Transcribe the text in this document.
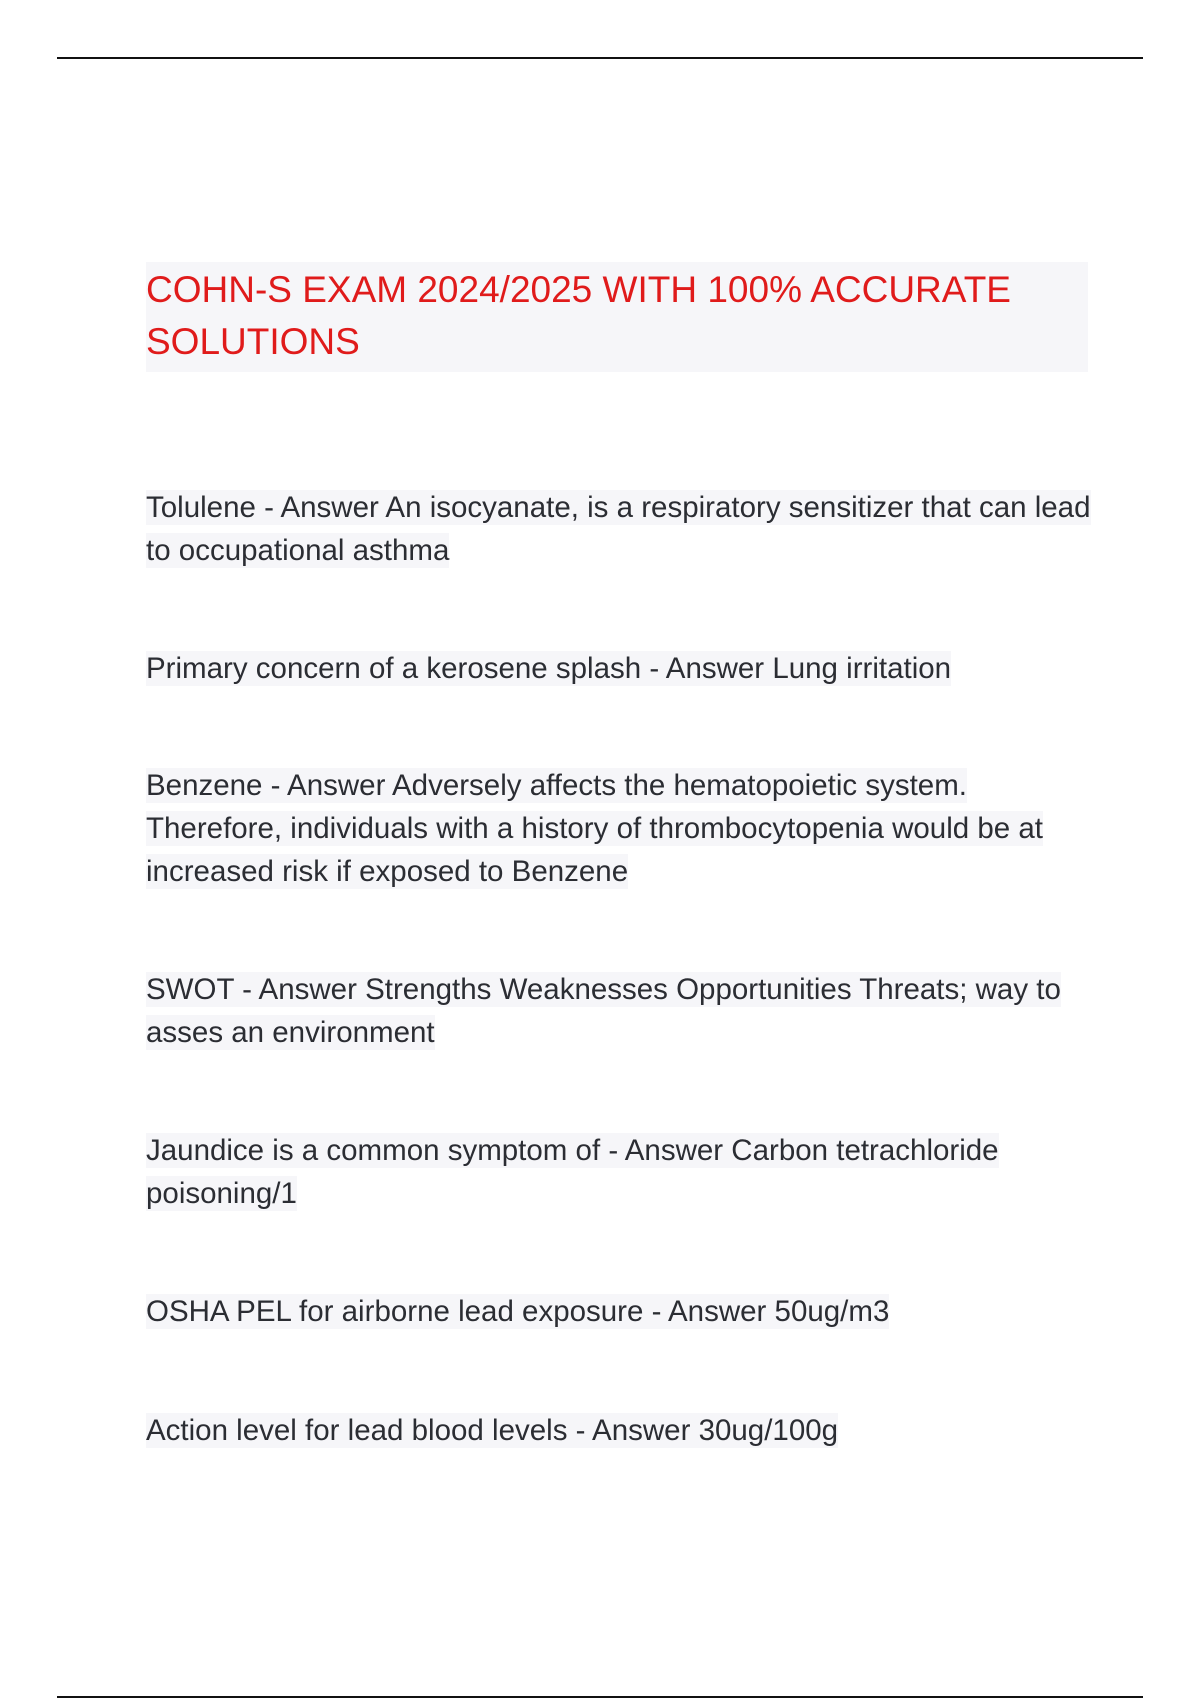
COHN-S EXAM 2024/2025 WITH 100% ACCURATE SOLUTIONS

Tolulene - Answer An isocyanate, is a respiratory sensitizer that can lead to occupational asthma

Primary concern of a kerosene splash - Answer Lung irritation

Benzene - Answer Adversely affects the hematopoietic system. Therefore, individuals with a history of thrombocytopenia would be at increased risk if exposed to Benzene

SWOT - Answer Strengths Weaknesses Opportunities Threats; way to asses an environment

Jaundice is a common symptom of - Answer Carbon tetrachloride poisoning/1

OSHA PEL for airborne lead exposure - Answer 50ug/m3

Action level for lead blood levels - Answer 30ug/100g
